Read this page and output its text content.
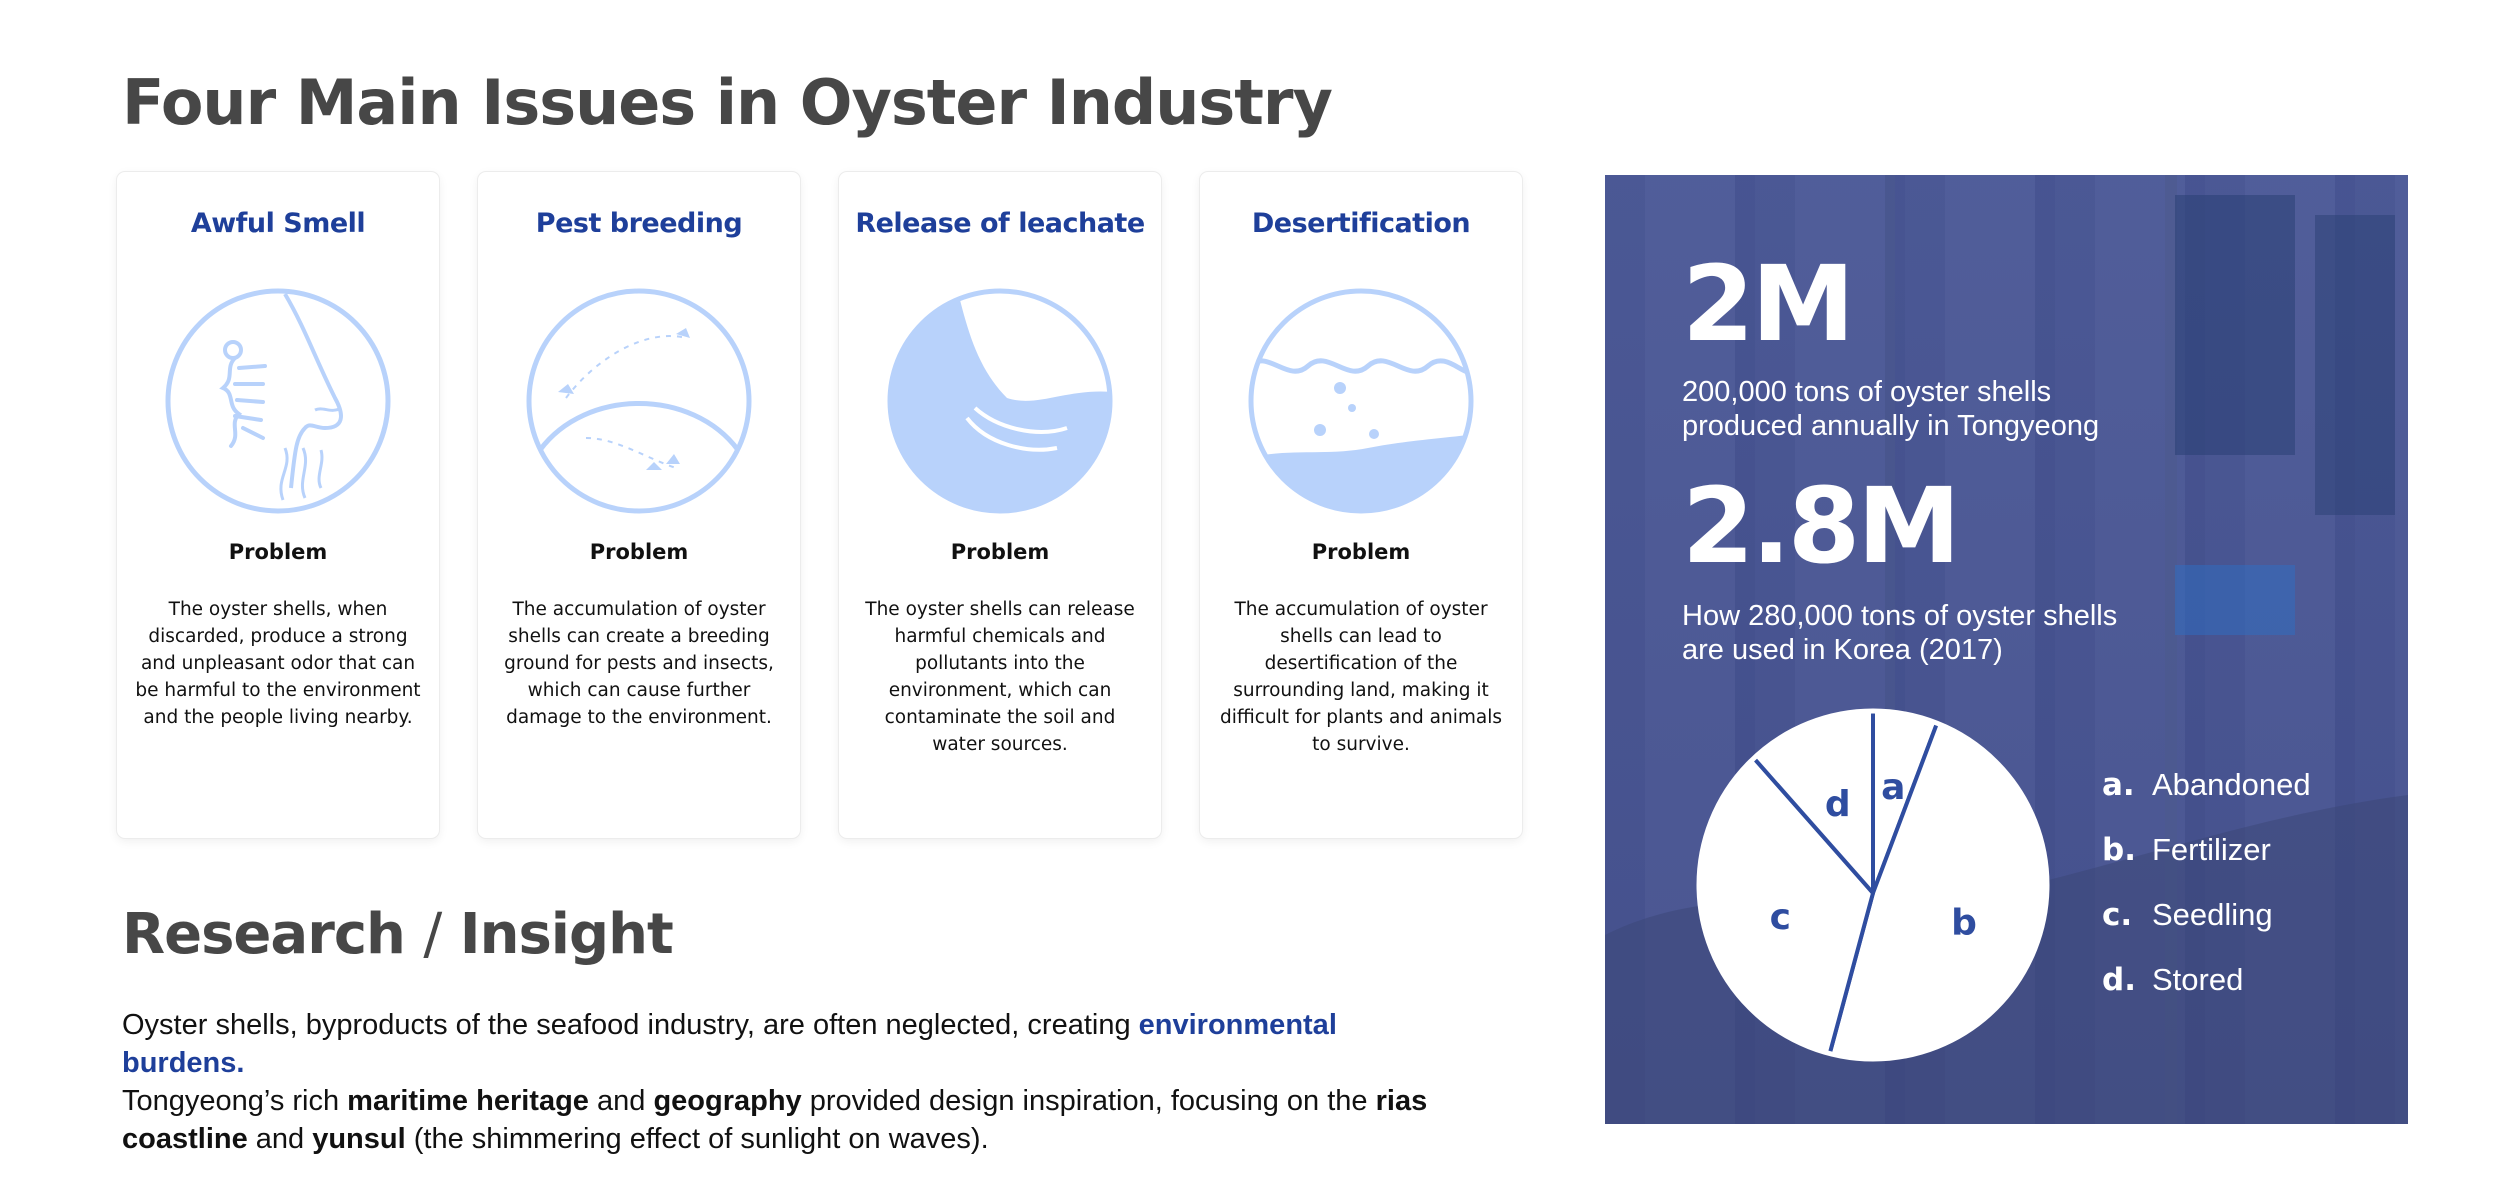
Four Main Issues in Oyster Industry
Awful Smell
Problem
The oyster shells, when discarded, produce a strong and unpleasant odor that can be harmful to the environment and the people living nearby.
Pest breeding
Problem
The accumulation of oyster shells can create a breeding ground for pests and insects, which can cause further damage to the environment.
Release of leachate
Problem
The oyster shells can release harmful chemicals and pollutants into the environment, which can contaminate the soil and water sources.
Desertification
Problem
The accumulation of oyster shells can lead to desertification of the surrounding land, making it difficult for plants and animals to survive.
Research / Insight

Oyster shells, byproducts of the seafood industry, are often neglected, creating environmental burdens.
Tongyeong’s rich maritime heritage and geography provided design inspiration, focusing on the rias coastline and yunsul (the shimmering effect of sunlight on waves).

2M
200,000 tons of oyster shells
produced annually in Tongyeong
2.8M
How 280,000 tons of oyster shells
are used in Korea (2017)
a
b
c
d	a. Abandoned
b. Fertilizer
c. Seedling
d. Stored
